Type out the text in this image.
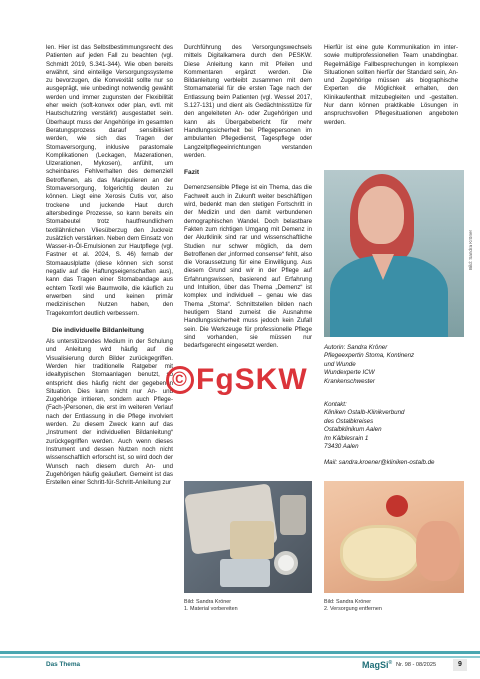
len. Hier ist das Selbstbestimmungsrecht des Patienten auf jeden Fall zu beachten (vgl. Schmidt 2019, S.341-344). Wie oben bereits erwähnt, sind einteilige Versorgungssysteme zu bevorzugen, die Konvexität sollte nur so ausgeprägt, wie unbedingt notwendig gewählt werden und immer zugunsten der Flexibilität eher weich (soft-konvex oder plan, evtl. mit Hautschutzring verstärkt) ausgestattet sein. Überhaupt muss der Angehörige im gesamten Beratungsprozess darauf sensibilisiert werden, wie sich das Tragen der Stomaversorgung, inklusive parastomale Komplikationen (Leckagen, Mazerationen, Ulzerationen, Mykosen), anfühlt, um scheinbares Fehlverhalten des demenziell Betroffenen, als das Manipulieren an der Stomaversorgung, folgerichtig deuten zu können. Liegt eine Xerosis Cutis vor, also trockene und juckende Haut durch altersbedinge Prozesse, so kann bereits ein Stomabeutel trotz hautfreundlichem textilähnlichen Vliesüberzug den Juckreiz zusätzlich verstärken. Neben dem Einsatz von Wasser-in-Öl-Emulsionen zur Hautpflege (vgl. Fastner et al. 2024, S. 46) fernab der Stomaauslplatte (diese können sich sonst negativ auf die Haftungseigenschaften aus), kann das Tragen einer Stomabandage aus echtem Textil wie Baumwolle, die käuflich zu erwerben sind und keinen primär medizinischen Nutzen haben, den Tragekomfort deutlich verbessern.

Die individuelle Bildanleitung

Als unterstützendes Medium in der Schulung und Anleitung wird häufig auf die Visualisierung durch Bilder zurückgegriffen. Werden hier traditionelle Ratgeber mit idealtypischen Stomaanlagen benutzt, so entspricht dies häufig nicht der gegebenen Situation. Dies kann nicht nur An- und Zugehörige irritieren, sondern auch Pflege-(Fach-)Personen, die erst im weiteren Verlauf nach der Entlassung in die Pflege involviert werden. Zu diesem Zweck kann auf das „Instrument der individuellen Bildanleitung“ zurückgegriffen werden. Auch wenn dieses Instrument und dessen Nutzen noch nicht wissenschaftlich erforscht ist, so wird doch der Wunsch nach diesem durch An- und Zugehörigen häufig geäußert. Gemeint ist das Erstellen einer Schritt-für-Schritt-Anleitung zur

Durchführung des Versorgungswechsels mittels Digitalkamera durch den PESKW. Diese Anleitung kann mit Pfeilen und Kommentaren ergänzt werden. Die Bildanleitung verbleibt zusammen mit dem Stomamaterial für die ersten Tage nach der Entlassung beim Patienten (vgl. Wessel 2017, S.127-131) und dient als Gedächtnisstütze für den angeleiteten An- oder Zugehörigen und kann als Übergabebericht für mehr Handlungssicherheit bei Pflegepersonen im ambulanten Pflegedienst, Tagespflege oder Langzeitpflegeeinrichtungen verstanden werden.

Fazit

Demenzsensible Pflege ist ein Thema, das die Fachwelt auch in Zukunft weiter beschäftigen wird, bedenkt man den stetigen Fortschritt in der Medizin und den damit verbundenen demographischen Wandel. Doch belastbare Fakten zum richtigen Umgang mit Demenz in der Akutklinik sind rar und wissenschaftliche Studien nur schwer möglich, da dem Betroffenen der „informed consense“ fehlt, also die Voraussetzung für eine Einwilligung. Aus diesem Grund sind wir in der Pflege auf Erfahrungswissen, basierend auf Erfahrung und Intuition, über das Thema „Demenz“ ist komplex und individuell – genau wie das Thema „Stoma“. Schnittstellen bilden nach heutigem Stand zumeist die Ausnahme Handlungssicherheit muss jedoch kein Zufall sein. Die Werkzeuge für professionelle Pflege sind vorhanden, sie müssen nur bedarfsgerecht eingesetzt werden.

Hierfür ist eine gute Kommunikation im inter- sowie multiprofessionellen Team unabdingbar. Regelmäßige Fallbesprechungen in komplexen Situationen sollten hierfür der Standard sein, An- und Zugehörige müssen als biographische Experten die Möglichkeit erhalten, den Klinikaufenthalt mitzubegleiten und -gestalten. Nur dann können praktikable Lösungen in anspruchsvollen Pflegesituationen angeboten werden.

Bild: Sandra Kröner
Autorin: Sandra Kröner
Pflegeexpertin Stoma, Kontinenz
und Wunde
Wundexperte ICW
Krankenschwester
Kontakt:
Kliniken Ostalb-Klinikverbund
des Ostalbkreises
Ostalbklinikum Aalen
Im Kälblesrain 1
73430 Aalen
Mail: sandra.kroener@kliniken-ostalb.de
Bild: Sandra Kröner
1. Material vorbereiten
Bild: Sandra Kröner
2. Versorgung entfernen
© FgSKW
Das Thema	MagSi® Nr. 98 - 08/2025	9
